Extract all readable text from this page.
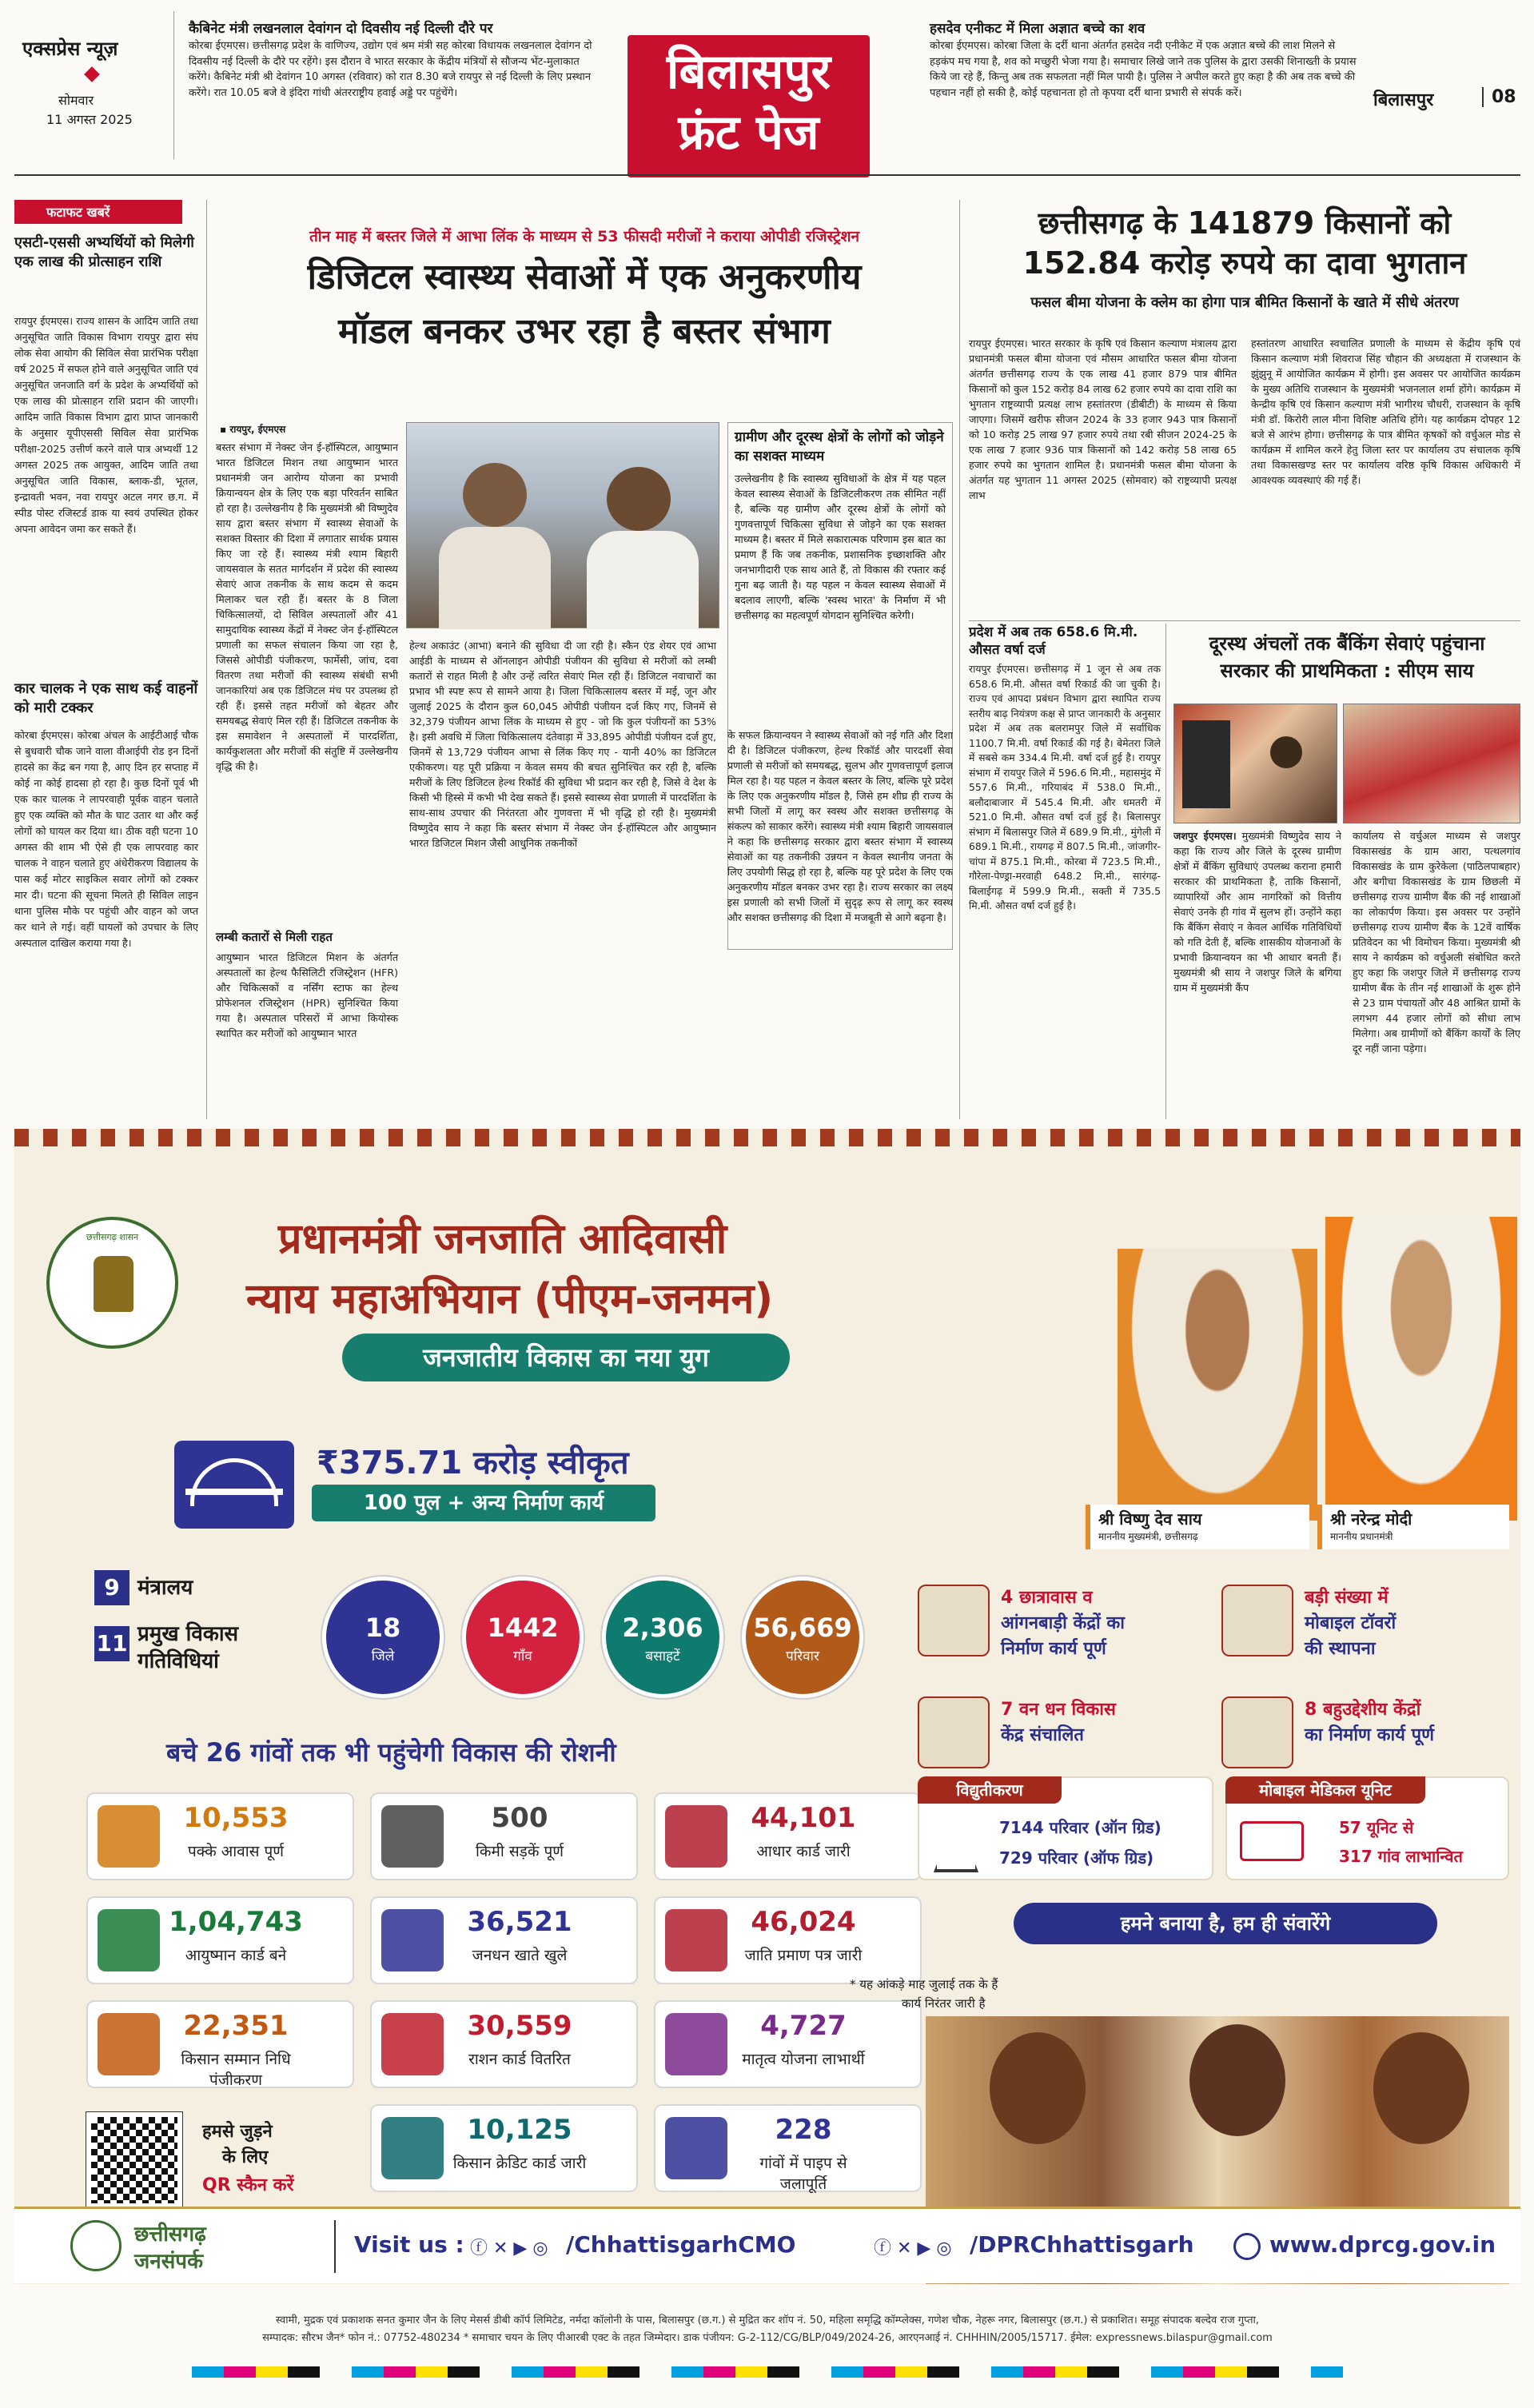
एक्सप्रेस न्यूज़
सोमवार
11 अगस्त 2025
कैबिनेट मंत्री लखनलाल देवांगन दो दिवसीय नई दिल्ली दौरे पर
कोरबा ईएमएस। छत्तीसगढ़ प्रदेश के वाणिज्य, उद्योग एवं श्रम मंत्री सह कोरबा विधायक लखनलाल देवांगन दो दिवसीय नई दिल्ली के दौरे पर रहेंगे। इस दौरान वे भारत सरकार के केंद्रीय मंत्रियों से सौजन्य भेंट-मुलाकात करेंगे। कैबिनेट मंत्री श्री देवांगन 10 अगस्त (रविवार) को रात 8.30 बजे रायपुर से नई दिल्ली के लिए प्रस्थान करेंगे। रात 10.05 बजे वे इंदिरा गांधी अंतरराष्ट्रीय हवाई अड्डे पर पहुंचेंगे।	बिलासपुर
फ्रंट पेज
हसदेव एनीकट में मिला अज्ञात बच्चे का शव
कोरबा ईएमएस। कोरबा जिला के दर्री थाना अंतर्गत हसदेव नदी एनीकेट में एक अज्ञात बच्चे की लाश मिलने से हड़कंप मच गया है, शव को मच्छुरी भेजा गया है। समाचार लिखे जाने तक पुलिस के द्वारा उसकी शिनाख्ती के प्रयास किये जा रहे हैं, किन्तु अब तक सफलता नहीं मिल पायी है। पुलिस ने अपील करते हुए कहा है की अब तक बच्चे की पहचान नहीं हो सकी है, कोई पहचानता हो तो कृपया दर्री थाना प्रभारी से संपर्क करें।	बिलासपुर	08
फटाफट खबरें
एसटी-एससी अभ्यर्थियों को मिलेगी एक लाख की प्रोत्साहन राशि
रायपुर ईएमएस। राज्य शासन के आदिम जाति तथा अनुसूचित जाति विकास विभाग रायपुर द्वारा संघ लोक सेवा आयोग की सिविल सेवा प्रारंभिक परीक्षा वर्ष 2025 में सफल होने वाले अनुसूचित जाति एवं अनुसूचित जनजाति वर्ग के प्रदेश के अभ्यर्थियों को एक लाख की प्रोत्साहन राशि प्रदान की जाएगी। आदिम जाति विकास विभाग द्वारा प्राप्त जानकारी के अनुसार यूपीएससी सिविल सेवा प्रारंभिक परीक्षा-2025 उत्तीर्ण करने वाले पात्र अभ्यर्थी 12 अगस्त 2025 तक आयुक्त, आदिम जाति तथा अनुसूचित जाति विकास, ब्लाक-डी, भूतल, इन्द्रावती भवन, नवा रायपुर अटल नगर छ.ग. में स्पीड पोस्ट रजिस्टर्ड डाक या स्वयं उपस्थित होकर अपना आवेदन जमा कर सकते हैं।
कार चालक ने एक साथ कई वाहनों को मारी टक्कर
कोरबा ईएमएस। कोरबा अंचल के आईटीआई चौक से बुधवारी चौक जाने वाला वीआईपी रोड इन दिनों हादसे का केंद्र बन गया है, आए दिन हर सप्ताह में कोई ना कोई हादसा हो रहा है। कुछ दिनों पूर्व भी एक कार चालक ने लापरवाही पूर्वक वाहन चलाते हुए एक व्यक्ति को मौत के घाट उतार था और कई लोगों को घायल कर दिया था। ठीक वही घटना 10 अगस्त की शाम भी ऐसे ही एक लापरवाह कार चालक ने वाहन चलाते हुए अंधेरीकरण विद्यालय के पास कई मोटर साइकिल सवार लोगों को टक्कर मार दी। घटना की सूचना मिलते ही सिविल लाइन थाना पुलिस मौके पर पहुंची और वाहन को जप्त कर थाने ले गई। वहीं घायलों को उपचार के लिए अस्पताल दाखिल कराया गया है।
तीन माह में बस्तर जिले में आभा लिंक के माध्यम से 53 फीसदी मरीजों ने कराया ओपीडी रजिस्ट्रेशन
डिजिटल स्वास्थ्य सेवाओं में एक अनुकरणीय
मॉडल बनकर उभर रहा है बस्तर संभाग
▪ रायपुर, ईएमएस
बस्तर संभाग में नेक्स्ट जेन ई-हॉस्पिटल, आयुष्मान भारत डिजिटल मिशन तथा आयुष्मान भारत प्रधानमंत्री जन आरोग्य योजना का प्रभावी क्रियान्वयन क्षेत्र के लिए एक बड़ा परिवर्तन साबित हो रहा है। उल्लेखनीय है कि मुख्यमंत्री श्री विष्णुदेव साय द्वारा बस्तर संभाग में स्वास्थ्य सेवाओं के सशक्त विस्तार की दिशा में लगातार सार्थक प्रयास किए जा रहे हैं। स्वास्थ्य मंत्री श्याम बिहारी जायसवाल के सतत मार्गदर्शन में प्रदेश की स्वास्थ्य सेवाएं आज तकनीक के साथ कदम से कदम मिलाकर चल रही हैं। बस्तर के 8 जिला चिकित्सालयों, दो सिविल अस्पतालों और 41 सामुदायिक स्वास्थ्य केंद्रों में नेक्स्ट जेन ई-हॉस्पिटल प्रणाली का सफल संचालन किया जा रहा है, जिससे ओपीडी पंजीकरण, फार्मेसी, जांच, दवा वितरण तथा मरीजों की स्वास्थ्य संबंधी सभी जानकारियां अब एक डिजिटल मंच पर उपलब्ध हो रही हैं। इससे तहत मरीजों को बेहतर और समयबद्ध सेवाएं मिल रही हैं। डिजिटल तकनीक के इस समावेशन ने अस्पतालों में पारदर्शिता, कार्यकुशलता और मरीजों की संतुष्टि में उल्लेखनीय वृद्धि की है।
लम्बी कतारों से मिली राहत
आयुष्मान भारत डिजिटल मिशन के अंतर्गत अस्पतालों का हेल्थ फैसिलिटी रजिस्ट्रेशन (HFR) और चिकित्सकों व नर्सिंग स्टाफ का हेल्थ प्रोफेशनल रजिस्ट्रेशन (HPR) सुनिश्चित किया गया है। अस्पताल परिसरों में आभा कियोस्क स्थापित कर मरीजों को आयुष्मान भारत
हेल्थ अकाउंट (आभा) बनाने की सुविधा दी जा रही है। स्कैन एंड शेयर एवं आभा आईडी के माध्यम से ऑनलाइन ओपीडी पंजीयन की सुविधा से मरीजों को लम्बी कतारों से राहत मिली है और उन्हें त्वरित सेवाएं मिल रही हैं। डिजिटल नवाचारों का प्रभाव भी स्पष्ट रूप से सामने आया है। जिला चिकित्सालय बस्तर में मई, जून और जुलाई 2025 के दौरान कुल 60,045 ओपीडी पंजीयन दर्ज किए गए, जिनमें से 32,379 पंजीयन आभा लिंक के माध्यम से हुए - जो कि कुल पंजीयनों का 53% है। इसी अवधि में जिला चिकित्सालय दंतेवाड़ा में 33,895 ओपीडी पंजीयन दर्ज हुए, जिनमें से 13,729 पंजीयन आभा से लिंक किए गए - यानी 40% का डिजिटल एकीकरण। यह पूरी प्रक्रिया न केवल समय की बचत सुनिश्चित कर रही है, बल्कि मरीजों के लिए डिजिटल हेल्थ रिकॉर्ड की सुविधा भी प्रदान कर रही है, जिसे वे देश के किसी भी हिस्से में कभी भी देख सकते हैं। इससे स्वास्थ्य सेवा प्रणाली में पारदर्शिता के साथ-साथ उपचार की निरंतरता और गुणवत्ता में भी वृद्धि हो रही है। मुख्यमंत्री विष्णुदेव साय ने कहा कि बस्तर संभाग में नेक्स्ट जेन ई-हॉस्पिटल और आयुष्मान भारत डिजिटल मिशन जैसी आधुनिक तकनीकों
ग्रामीण और दूरस्थ क्षेत्रों के लोगों को जोड़ने का सशक्त माध्यम
उल्लेखनीय है कि स्वास्थ्य सुविधाओं के क्षेत्र में यह पहल केवल स्वास्थ्य सेवाओं के डिजिटलीकरण तक सीमित नहीं है, बल्कि यह ग्रामीण और दूरस्थ क्षेत्रों के लोगों को गुणवत्तापूर्ण चिकित्सा सुविधा से जोड़ने का एक सशक्त माध्यम है। बस्तर में मिले सकारात्मक परिणाम इस बात का प्रमाण हैं कि जब तकनीक, प्रशासनिक इच्छाशक्ति और जनभागीदारी एक साथ आते हैं, तो विकास की रफ्तार कई गुना बढ़ जाती है। यह पहल न केवल स्वास्थ्य सेवाओं में बदलाव लाएगी, बल्कि 'स्वस्थ भारत' के निर्माण में भी छत्तीसगढ़ का महत्वपूर्ण योगदान सुनिश्चित करेगी।
के सफल क्रियान्वयन ने स्वास्थ्य सेवाओं को नई गति और दिशा दी है। डिजिटल पंजीकरण, हेल्थ रिकॉर्ड और पारदर्शी सेवा प्रणाली से मरीजों को समयबद्ध, सुलभ और गुणवत्तापूर्ण इलाज मिल रहा है। यह पहल न केवल बस्तर के लिए, बल्कि पूरे प्रदेश के लिए एक अनुकरणीय मॉडल है, जिसे हम शीघ्र ही राज्य के सभी जिलों में लागू कर स्वस्थ और सशक्त छत्तीसगढ़ के संकल्प को साकार करेंगे। स्वास्थ्य मंत्री श्याम बिहारी जायसवाल ने कहा कि छत्तीसगढ़ सरकार द्वारा बस्तर संभाग में स्वास्थ्य सेवाओं का यह तकनीकी उन्नयन न केवल स्थानीय जनता के लिए उपयोगी सिद्ध हो रहा है, बल्कि यह पूरे प्रदेश के लिए एक अनुकरणीय मॉडल बनकर उभर रहा है। राज्य सरकार का लक्ष्य इस प्रणाली को सभी जिलों में सुदृढ़ रूप से लागू कर स्वस्थ और सशक्त छत्तीसगढ़ की दिशा में मजबूती से आगे बढ़ना है।
छत्तीसगढ़ के 141879 किसानों को
152.84 करोड़ रुपये का दावा भुगतान
फसल बीमा योजना के क्लेम का होगा पात्र बीमित किसानों के खाते में सीधे अंतरण
रायपुर ईएमएस। भारत सरकार के कृषि एवं किसान कल्याण मंत्रालय द्वारा प्रधानमंत्री फसल बीमा योजना एवं मौसम आधारित फसल बीमा योजना अंतर्गत छत्तीसगढ़ राज्य के एक लाख 41 हजार 879 पात्र बीमित किसानों को कुल 152 करोड़ 84 लाख 62 हजार रुपये का दावा राशि का भुगतान राष्ट्रव्यापी प्रत्यक्ष लाभ हस्तांतरण (डीबीटी) के माध्यम से किया जाएगा। जिसमें खरीफ सीजन 2024 के 33 हजार 943 पात्र किसानों को 10 करोड़ 25 लाख 97 हजार रुपये तथा रबी सीजन 2024-25 के एक लाख 7 हजार 936 पात्र किसानों को 142 करोड़ 58 लाख 65 हजार रुपये का भुगतान शामिल है। प्रधानमंत्री फसल बीमा योजना के अंतर्गत यह भुगतान 11 अगस्त 2025 (सोमवार) को राष्ट्रव्यापी प्रत्यक्ष लाभ
हस्तांतरण आधारित स्वचालित प्रणाली के माध्यम से केंद्रीय कृषि एवं किसान कल्याण मंत्री शिवराज सिंह चौहान की अध्यक्षता में राजस्थान के झुंझुनू में आयोजित कार्यक्रम में होगी। इस अवसर पर आयोजित कार्यक्रम के मुख्य अतिथि राजस्थान के मुख्यमंत्री भजनलाल शर्मा होंगे। कार्यक्रम में केन्द्रीय कृषि एवं किसान कल्याण मंत्री भागीरथ चौधरी, राजस्थान के कृषि मंत्री डॉ. किरोरी लाल मीना विशिष्ट अतिथि होंगे। यह कार्यक्रम दोपहर 12 बजे से आरंभ होगा। छत्तीसगढ़ के पात्र बीमित कृषकों को वर्चुअल मोड से कार्यक्रम में शामिल करने हेतु जिला स्तर पर कार्यालय उप संचालक कृषि तथा विकासखण्ड स्तर पर कार्यालय वरिष्ठ कृषि विकास अधिकारी में आवश्यक व्यवस्थाएं की गई हैं।
प्रदेश में अब तक 658.6 मि.मी. औसत वर्षा दर्ज
रायपुर ईएमएस। छत्तीसगढ़ में 1 जून से अब तक 658.6 मि.मी. औसत वर्षा रिकार्ड की जा चुकी है। राज्य एवं आपदा प्रबंधन विभाग द्वारा स्थापित राज्य स्तरीय बाढ़ नियंत्रण कक्ष से प्राप्त जानकारी के अनुसार प्रदेश में अब तक बलरामपुर जिले में सर्वाधिक 1100.7 मि.मी. वर्षा रिकार्ड की गई है। बेमेतरा जिले में सबसे कम 334.4 मि.मी. वर्षा दर्ज हुई है। रायपुर संभाग में रायपुर जिले में 596.6 मि.मी., महासमुंद में 557.6 मि.मी., गरियाबंद में 538.0 मि.मी., बलौदाबाजार में 545.4 मि.मी. और धमतरी में 521.0 मि.मी. औसत वर्षा दर्ज हुई है। बिलासपुर संभाग में बिलासपुर जिले में 689.9 मि.मी., मुंगेली में 689.1 मि.मी., रायगढ़ में 807.5 मि.मी., जांजगीर-चांपा में 875.1 मि.मी., कोरबा में 723.5 मि.मी., गौरेला-पेण्ड्रा-मरवाही 648.2 मि.मी., सारंगढ़-बिलाईगढ़ में 599.9 मि.मी., सक्ती में 735.5 मि.मी. औसत वर्षा दर्ज हुई है।
दूरस्थ अंचलों तक बैंकिंग सेवाएं पहुंचाना
सरकार की प्राथमिकता : सीएम साय
जशपुर ईएमएस। मुख्यमंत्री विष्णुदेव साय ने कहा कि राज्य और जिले के दूरस्थ ग्रामीण क्षेत्रों में बैंकिंग सुविधाएं उपलब्ध कराना हमारी सरकार की प्राथमिकता है, ताकि किसानों, व्यापारियों और आम नागरिकों को वित्तीय सेवाएं उनके ही गांव में सुलभ हों। उन्होंने कहा कि बैंकिंग सेवाएं न केवल आर्थिक गतिविधियों को गति देती हैं, बल्कि शासकीय योजनाओं के प्रभावी क्रियान्वयन का भी आधार बनती हैं। मुख्यमंत्री श्री साय ने जशपुर जिले के बगिया ग्राम में मुख्यमंत्री कैंप
कार्यालय से वर्चुअल माध्यम से जशपुर विकासखंड के ग्राम आरा, पत्थलगांव विकासखंड के ग्राम कुरेकेला (पाठिलपाबहार) और बगीचा विकासखंड के ग्राम छिछली में छत्तीसगढ़ राज्य ग्रामीण बैंक की नई शाखाओं का लोकार्पण किया। इस अवसर पर उन्होंने छत्तीसगढ़ राज्य ग्रामीण बैंक के 12वें वार्षिक प्रतिवेदन का भी विमोचन किया। मुख्यमंत्री श्री साय ने कार्यक्रम को वर्चुअली संबोधित करते हुए कहा कि जशपुर जिले में छत्तीसगढ़ राज्य ग्रामीण बैंक के तीन नई शाखाओं के शुरू होने से 23 ग्राम पंचायतों और 48 आश्रित ग्रामों के लगभग 44 हजार लोगों को सीधा लाभ मिलेगा। अब ग्रामीणों को बैंकिंग कार्यों के लिए दूर नहीं जाना पड़ेगा।
छत्तीसगढ़ शासन	प्रधानमंत्री जनजाति आदिवासी
न्याय महाअभियान (पीएम-जनमन)
जनजातीय विकास का नया युग
श्री विष्णु देव साय
माननीय मुख्यमंत्री, छत्तीसगढ़
श्री नरेन्द्र मोदी
माननीय प्रधानमंत्री
₹375.71 करोड़ स्वीकृत
100 पुल + अन्य निर्माण कार्य
9 मंत्रालय
11 प्रमुख विकास
गतिविधियां
18
जिले
1442
गाँव
2,306
बसाहटें
56,669
परिवार
बचे 26 गांवों तक भी पहुंचेगी विकास की रोशनी
4 छात्रावास व
आंगनबाड़ी केंद्रों का
निर्माण कार्य पूर्ण
बड़ी संख्या में
मोबाइल टॉवरों
की स्थापना
7 वन धन विकास
केंद्र संचालित
8 बहुउद्देशीय केंद्रों
का निर्माण कार्य पूर्ण
10,553
पक्के आवास पूर्ण
500
किमी सड़कें पूर्ण
44,101
आधार कार्ड जारी
1,04,743
आयुष्मान कार्ड बने
36,521
जनधन खाते खुले
46,024
जाति प्रमाण पत्र जारी
22,351
किसान सम्मान निधि पंजीकरण
30,559
राशन कार्ड वितरित
4,727
मातृत्व योजना लाभार्थी
10,125
किसान क्रेडिट कार्ड जारी
228
गांवों में पाइप से जलापूर्ति
विद्युतीकरण
7144 परिवार (ऑन ग्रिड)
729 परिवार (ऑफ ग्रिड)
मोबाइल मेडिकल यूनिट
57 यूनिट से
317 गांव लाभान्वित
हमने बनाया है, हम ही संवारेंगे
* यह आंकड़े माह जुलाई तक के हैं
कार्य निरंतर जारी है
हमसे जुड़ने
के लिए
QR स्कैन करें
छत्तीसगढ़
जनसंपर्क
Visit us : ⓕ ✕ ▶ ◎ /ChhattisgarhCMO	ⓕ ✕ ▶ ◎ /DPRChhattisgarh	www.dprcg.gov.in
स्वामी, मुद्रक एवं प्रकाशक सनत कुमार जैन के लिए मेसर्स डीबी कॉर्प लिमिटेड, नर्मदा कॉलोनी के पास, बिलासपुर (छ.ग.) से मुद्रित कर शॉप नं. 50, महिला समृद्धि कॉम्प्लेक्स, गणेश चौक, नेहरू नगर, बिलासपुर (छ.ग.) से प्रकाशित। समूह संपादक बल्देव राज गुप्ता,
सम्पादक: सौरभ जैन* फोन नं.: 07752-480234 * समाचार चयन के लिए पीआरबी एक्ट के तहत जिम्मेदार। डाक पंजीयन: G-2-112/CG/BLP/049/2024-26, आरएनआई नं. CHHHIN/2005/15717. ईमेल: expressnews.bilaspur@gmail.com
